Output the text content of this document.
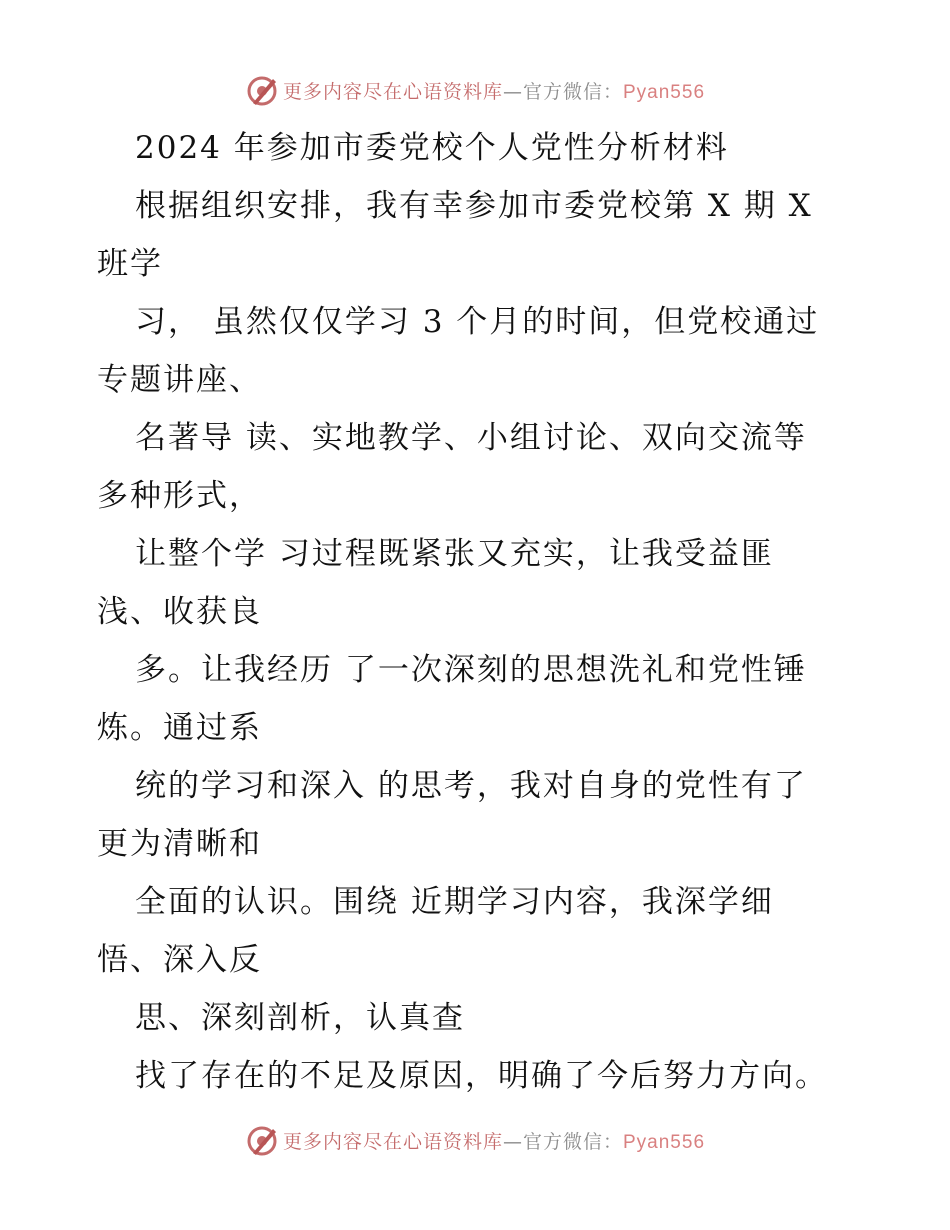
更多内容尽在心语资料库—官方微信：Pyan556
2024 年参加市委党校个人党性分析材料
根据组织安排，我有幸参加市委党校第 X 期 X
班学
习， 虽然仅仅学习 3 个月的时间，但党校通过
专题讲座、
名著导 读、实地教学、小组讨论、双向交流等
多种形式，
让整个学 习过程既紧张又充实，让我受益匪
浅、收获良
多。让我经历 了一次深刻的思想洗礼和党性锤
炼。通过系
统的学习和深入 的思考，我对自身的党性有了
更为清晰和
全面的认识。围绕 近期学习内容，我深学细
悟、深入反
思、深刻剖析，认真查
找了存在的不足及原因，明确了今后努力方向。
更多内容尽在心语资料库—官方微信：Pyan556
